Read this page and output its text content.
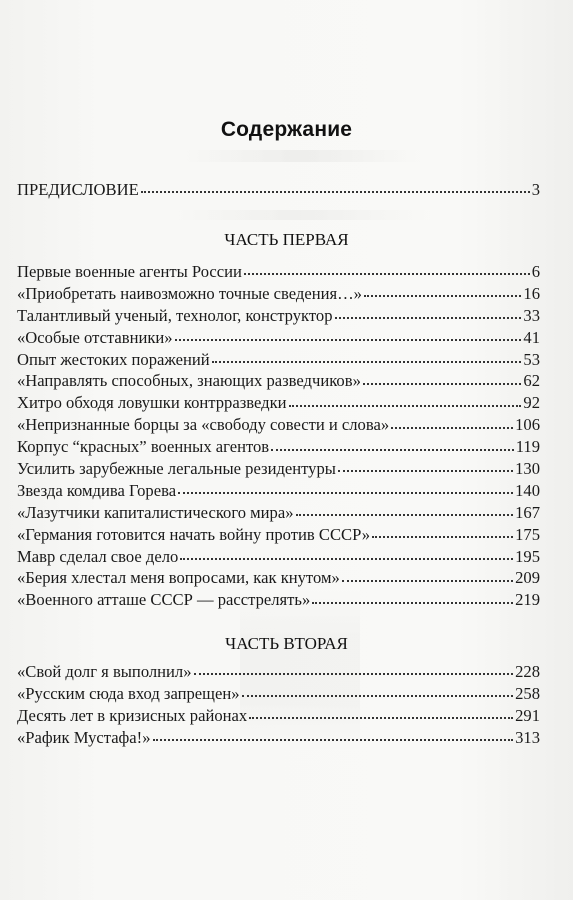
Содержание
ПРЕДИСЛОВИЕ	3
ЧАСТЬ ПЕРВАЯ
Первые военные агенты России	6
«Приобретать наивозможно точные сведения…»	16
Талантливый ученый, технолог, конструктор	33
«Особые отставники»	41
Опыт жестоких поражений	53
«Направлять способных, знающих разведчиков»	62
Хитро обходя ловушки контрразведки	92
«Непризнанные борцы за «свободу совести и слова»	106
Корпус “красных” военных агентов	119
Усилить зарубежные легальные резидентуры	130
Звезда комдива Горева	140
«Лазутчики капиталистического мира»	167
«Германия готовится начать войну против СССР»	175
Мавр сделал свое дело	195
«Берия хлестал меня вопросами, как кнутом»	209
«Военного атташе СССР — расстрелять»	219
ЧАСТЬ ВТОРАЯ
«Свой долг я выполнил»	228
«Русским сюда вход запрещен»	258
Десять лет в кризисных районах	291
«Рафик Мустафа!»	313
